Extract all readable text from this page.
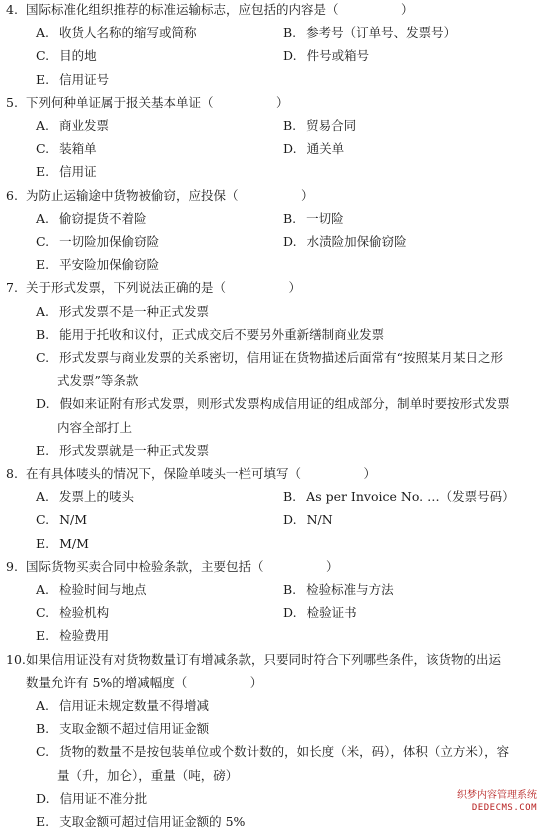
4. 国际标准化组织推荐的标准运输标志，应包括的内容是（　　　　　）
A. 收货人名称的缩写或简称	B. 参考号（订单号、发票号）
C. 目的地	D. 件号或箱号
E. 信用证号
5. 下列何种单证属于报关基本单证（　　　　　）
A. 商业发票	B. 贸易合同
C. 装箱单	D. 通关单
E. 信用证
6. 为防止运输途中货物被偷窃，应投保（　　　　　）
A. 偷窃提货不着险	B. 一切险
C. 一切险加保偷窃险	D. 水渍险加保偷窃险
E. 平安险加保偷窃险
7. 关于形式发票，下列说法正确的是（　　　　　）
A. 形式发票不是一种正式发票
B. 能用于托收和议付，正式成交后不要另外重新缮制商业发票
C. 形式发票与商业发票的关系密切，信用证在货物描述后面常有“按照某月某日之形
式发票”等条款
D. 假如来证附有形式发票，则形式发票构成信用证的组成部分，制单时要按形式发票
内容全部打上
E. 形式发票就是一种正式发票
8. 在有具体唛头的情况下，保险单唛头一栏可填写（　　　　　）
A. 发票上的唛头	B. As per Invoice No. …（发票号码）
C. N/M	D. N/N
E. M/M
9. 国际货物买卖合同中检验条款，主要包括（　　　　　）
A. 检验时间与地点	B. 检验标准与方法
C. 检验机构	D. 检验证书
E. 检验费用
10. 如果信用证没有对货物数量订有增减条款，只要同时符合下列哪些条件，该货物的出运
数量允许有 5%的增减幅度（　　　　　）
A. 信用证未规定数量不得增减
B. 支取金额不超过信用证金额
C. 货物的数量不是按包装单位或个数计数的，如长度（米，码），体积（立方米），容
量（升，加仑），重量（吨，磅）
D. 信用证不准分批
E. 支取金额可超过信用证金额的 5%
织梦内容管理系统
DEDECMS.COM
